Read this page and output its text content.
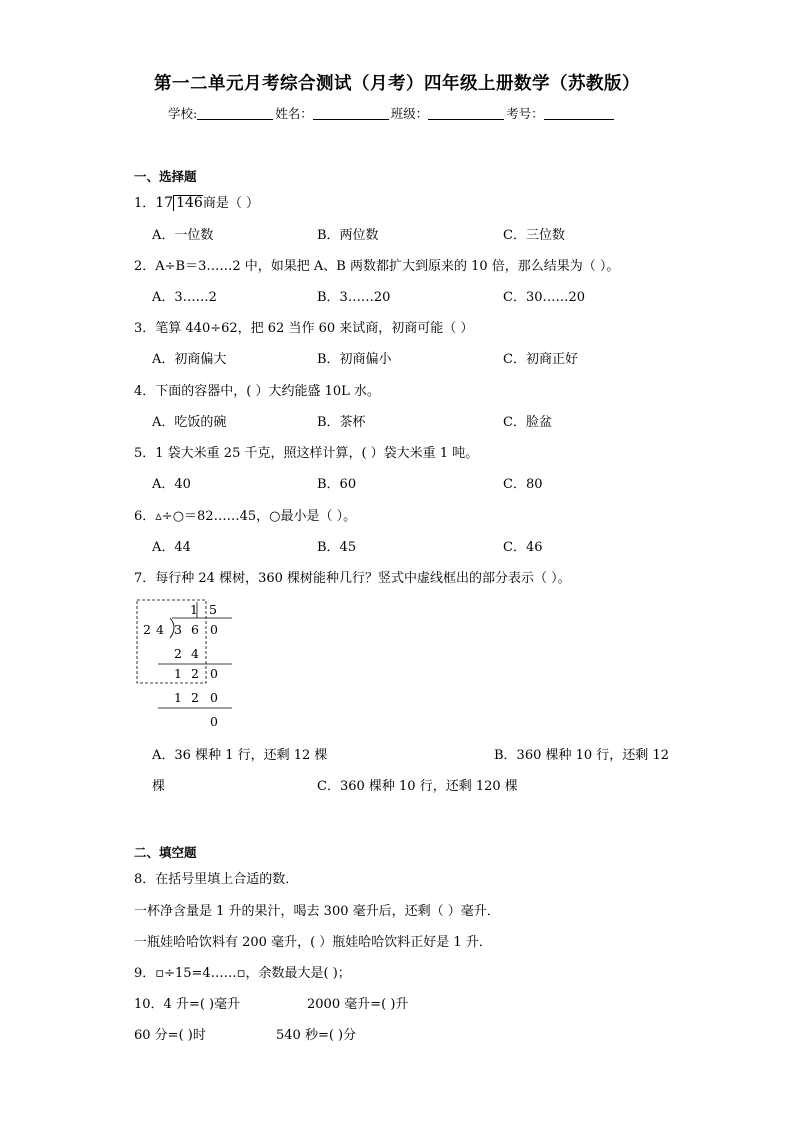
第一二单元月考综合测试（月考）四年级上册数学（苏教版）
学校:	姓名：	班级：	考号：
一、选择题
1．17 146商是（ ）
A．一位数	B．两位数	C．三位数
2．A÷B＝3……2 中，如果把 A、B 两数都扩大到原来的 10 倍，那么结果为（ ）。
A．3……2	B．3……20	C．30……20
3．笔算 440÷62，把 62 当作 60 来试商，初商可能（ ）
A．初商偏大	B．初商偏小	C．初商正好
4．下面的容器中，( ）大约能盛 10L 水。
A．吃饭的碗	B．茶杯	C．脸盆
5．1 袋大米重 25 千克，照这样计算，( ）袋大米重 1 吨。
A．40	B．60	C．80
6．▵÷○＝82……45，○最小是（ ）。
A．44	B．45	C．46
7．每行种 24 棵树，360 棵树能种几行？竖式中虚线框出的部分表示（ ）。
1 5
2 4 3 6 0
2 4
1 2 0
1 2 0
0
A．36 棵种 1 行，还剩 12 棵	B．360 棵种 10 行，还剩 12
棵	C．360 棵种 10 行，还剩 120 棵
二、填空题
8．在括号里填上合适的数．
一杯净含量是 1 升的果汁，喝去 300 毫升后，还剩（ ）毫升．
一瓶娃哈哈饮料有 200 毫升，( ）瓶娃哈哈饮料正好是 1 升．
9．▫÷15=4……▫，余数最大是( )；
10．4 升=( )毫升	2000 毫升=( )升
60 分=( )时	540 秒=( )分
